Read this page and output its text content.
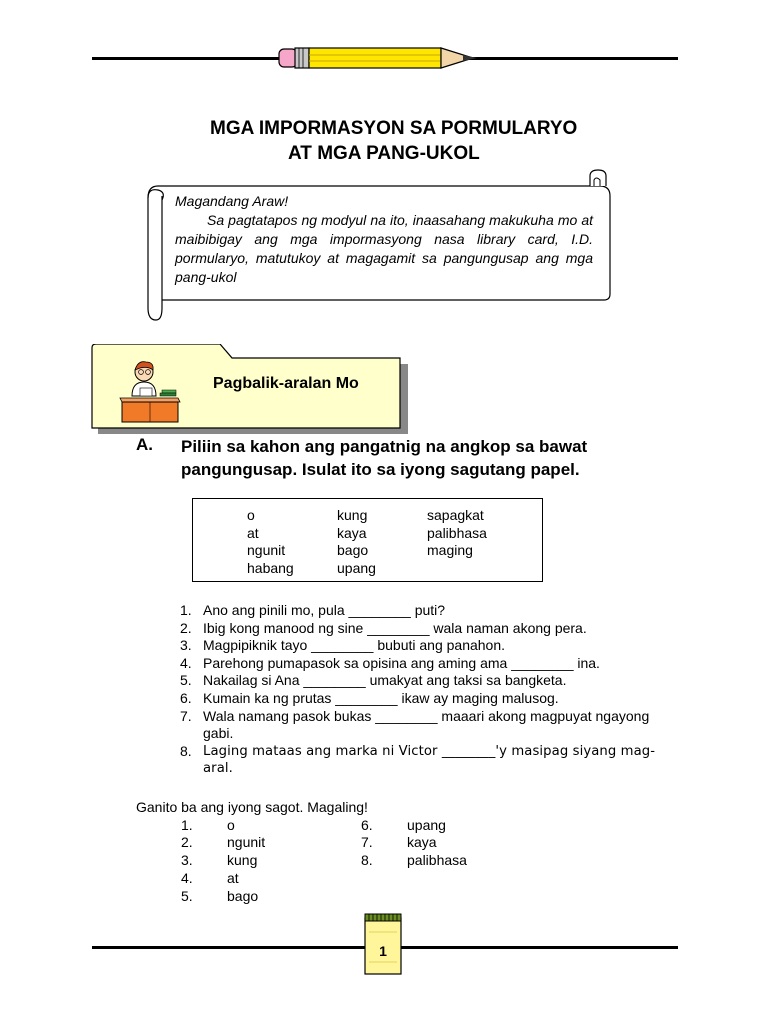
MGA IMPORMASYON SA PORMULARYO
AT MGA PANG-UKOL

Magandang Araw!

Sa pagtatapos ng modyul na ito, inaasahang makukuha mo at maibibigay ang mga impormasyong nasa library card, I.D. pormularyo, matutukoy at magagamit sa pangungusap ang mga pang-ukol

Pagbalik-aralan Mo
A. Piliin sa kahon ang pangatnig na angkop sa bawat pangungusap. Isulat ito sa iyong sagutang papel.
o
at
ngunit
habang
kung
kaya
bago
upang
sapagkat
palibhasa
maging
1. Ano ang pinili mo, pula ________ puti?
2. Ibig kong manood ng sine ________ wala naman akong pera.
3. Magpipiknik tayo ________ bubuti ang panahon.
4. Parehong pumapasok sa opisina ang aming ama ________ ina.
5. Nakailag si Ana ________ umakyat ang taksi sa bangketa.
6. Kumain ka ng prutas ________ ikaw ay maging malusog.
7. Wala namang pasok bukas ________ maaari akong magpuyat ngayong gabi.
8. Laging mataas ang marka ni Victor ________'y masipag siyang mag-aral.
Ganito ba ang iyong sagot. Magaling!
1. o
2. ngunit
3. kung
4. at
5. bago
6. upang
7. kaya
8. palibhasa
1
